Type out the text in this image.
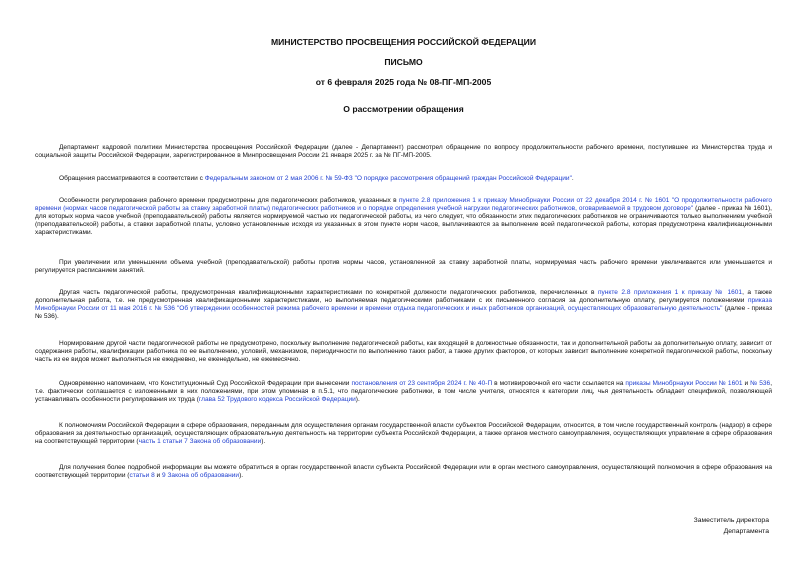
МИНИСТЕРСТВО ПРОСВЕЩЕНИЯ РОССИЙСКОЙ ФЕДЕРАЦИИ
ПИСЬМО
от 6 февраля 2025 года № 08-ПГ-МП-2005
О рассмотрении обращения

Департамент кадровой политики Министерства просвещения Российской Федерации (далее - Департамент) рассмотрел обращение по вопросу продолжительности рабочего времени, поступившее из Министерства труда и социальной защиты Российской Федерации, зарегистрированное в Минпросвещения России 21 января 2025 г. за № ПГ-МП-2005.

Обращения рассматриваются в соответствии с Федеральным законом от 2 мая 2006 г. № 59-ФЗ "О порядке рассмотрения обращений граждан Российской Федерации".

Особенности регулирования рабочего времени предусмотрены для педагогических работников, указанных в пункте 2.8 приложения 1 к приказу Минобрнауки России от 22 декабря 2014 г. № 1601 "О продолжительности рабочего времени (нормах часов педагогической работы за ставку заработной платы) педагогических работников и о порядке определения учебной нагрузки педагогических работников, оговариваемой в трудовом договоре" (далее - приказ № 1601), для которых норма часов учебной (преподавательской) работы является нормируемой частью их педагогической работы, из чего следует, что обязанности этих педагогических работников не ограничиваются только выполнением учебной (преподавательской) работы, а ставки заработной платы, условно установленные исходя из указанных в этом пункте норм часов, выплачиваются за выполнение всей педагогической работы, которая предусмотрена квалификационными характеристиками.

При увеличении или уменьшении объема учебной (преподавательской) работы против нормы часов, установленной за ставку заработной платы, нормируемая часть рабочего времени увеличивается или уменьшается и регулируется расписанием занятий.

Другая часть педагогической работы, предусмотренная квалификационными характеристиками по конкретной должности педагогических работников, перечисленных в пункте 2.8 приложения 1 к приказу № 1601, а также дополнительная работа, т.е. не предусмотренная квалификационными характеристиками, но выполняемая педагогическими работниками с их письменного согласия за дополнительную оплату, регулируется положениями приказа Минобрнауки России от 11 мая 2016 г. № 536 "Об утверждении особенностей режима рабочего времени и времени отдыха педагогических и иных работников организаций, осуществляющих образовательную деятельность" (далее - приказ № 536).

Нормирование другой части педагогической работы не предусмотрено, поскольку выполнение педагогической работы, как входящей в должностные обязанности, так и дополнительной работы за дополнительную оплату, зависит от содержания работы, квалификации работника по ее выполнению, условий, механизмов, периодичности по выполнению таких работ, а также других факторов, от которых зависит выполнение конкретной педагогической работы, поскольку часть из ее видов может выполняться не ежедневно, не еженедельно, не ежемесячно.

Одновременно напоминаем, что Конституционный Суд Российской Федерации при вынесении постановления от 23 сентября 2024 г. № 40-П в мотивировочной его части ссылается на приказы Минобрнауки России № 1601 и № 536, т.е. фактически соглашается с изложенными в них положениями, при этом упоминая в п.5.1, что педагогические работники, в том числе учителя, относятся к категории лиц, чья деятельность обладает спецификой, позволяющей устанавливать особенности регулирования их труда (глава 52 Трудового кодекса Российской Федерации).

К полномочиям Российской Федерации в сфере образования, переданным для осуществления органам государственной власти субъектов Российской Федерации, относится, в том числе государственный контроль (надзор) в сфере образования за деятельностью организаций, осуществляющих образовательную деятельность на территории субъекта Российской Федерации, а также органов местного самоуправления, осуществляющих управление в сфере образования на соответствующей территории (часть 1 статьи 7 Закона об образовании).

Для получения более подробной информации вы можете обратиться в орган государственной власти субъекта Российской Федерации или в орган местного самоуправления, осуществляющий полномочия в сфере образования на соответствующей территории (статьи 8 и 9 Закона об образовании).

Заместитель директора
Департамента
